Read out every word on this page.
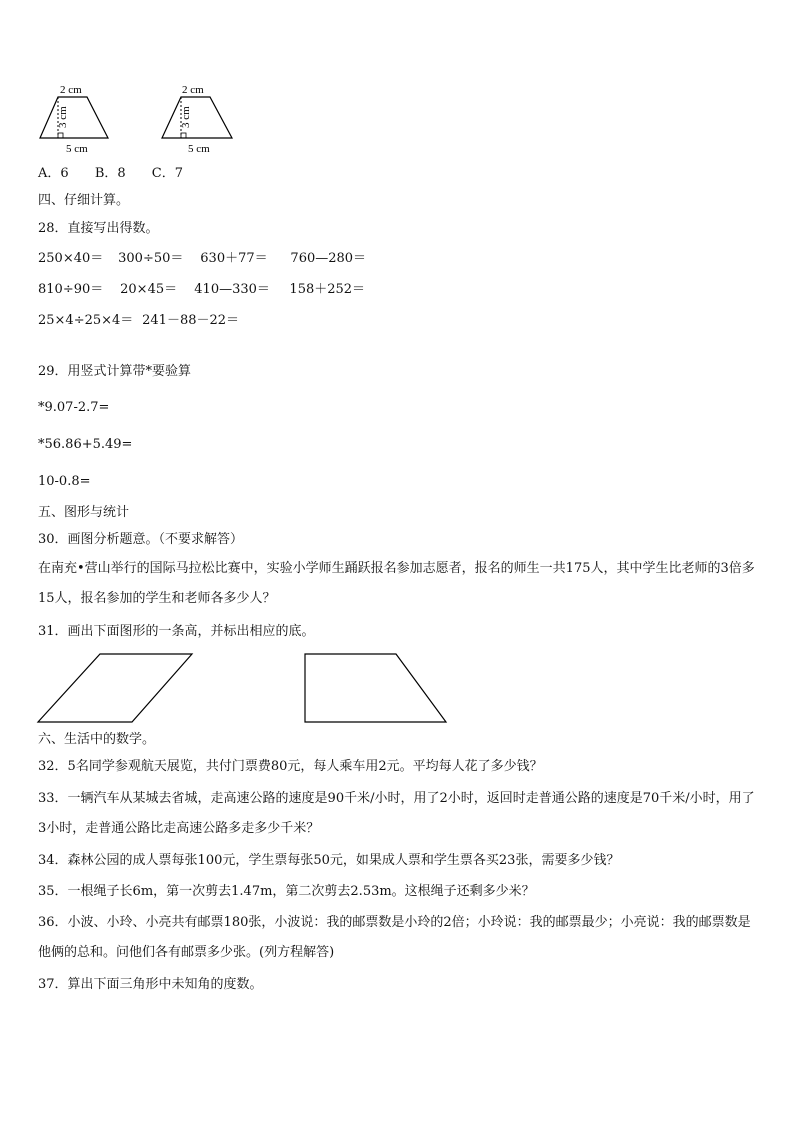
2 cm
3 cm
5 cm
2 cm
3 cm
5 cm
A．6 B．8 C．7
四、仔细计算。
28．直接写出得数。
250×40＝ 300÷50＝ 630＋77＝ 760—280＝
810÷90＝ 20×45＝ 410—330＝ 158＋252＝
25×4÷25×4＝ 241－88－22＝
29．用竖式计算带*要验算
*9.07-2.7=
*56.86+5.49=
10-0.8=
五、图形与统计
30．画图分析题意。（不要求解答）
在南充•营山举行的国际马拉松比赛中，实验小学师生踊跃报名参加志愿者，报名的师生一共175人，其中学生比老师的3倍多15人，报名参加的学生和老师各多少人？
31．画出下面图形的一条高，并标出相应的底。
六、生活中的数学。
32．5名同学参观航天展览，共付门票费80元，每人乘车用2元。平均每人花了多少钱？
33．一辆汽车从某城去省城，走高速公路的速度是90千米/小时，用了2小时，返回时走普通公路的速度是70千米/小时，用了3小时，走普通公路比走高速公路多走多少千米？
34．森林公园的成人票每张100元，学生票每张50元，如果成人票和学生票各买23张，需要多少钱？
35．一根绳子长6m，第一次剪去1.47m，第二次剪去2.53m。这根绳子还剩多少米？
36．小波、小玲、小亮共有邮票180张，小波说：我的邮票数是小玲的2倍；小玲说：我的邮票最少；小亮说：我的邮票数是他俩的总和。问他们各有邮票多少张。(列方程解答)
37．算出下面三角形中未知角的度数。
